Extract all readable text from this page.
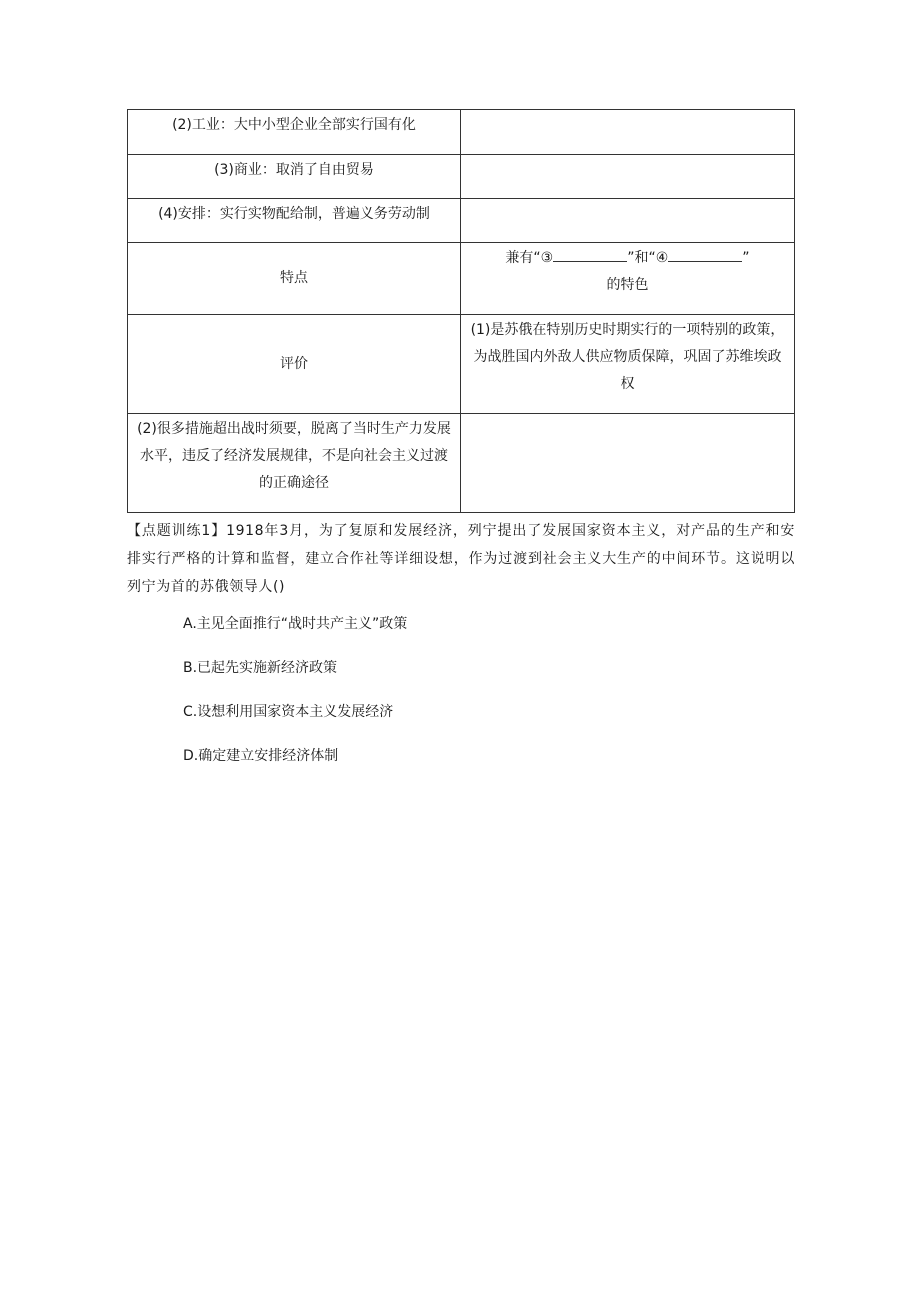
(2)工业：大中小型企业全部实行国有化	
(3)商业：取消了自由贸易	
(4)安排：实行实物配给制，普遍义务劳动制	
特点	兼有“③ ”和“④ ”
的特色

评价	(1)是苏俄在特别历史时期实行的一项特别的政策，为战胜国内外敌人供应物质保障，巩固了苏维埃政权
(2)很多措施超出战时须要，脱离了当时生产力发展水平，违反了经济发展规律，不是向社会主义过渡的正确途径	
【点题训练1】1918年3月，为了复原和发展经济，列宁提出了发展国家资本主义，对产品的生产和安排实行严格的计算和监督，建立合作社等详细设想，作为过渡到社会主义大生产的中间环节。这说明以列宁为首的苏俄领导人()
A.主见全面推行“战时共产主义”政策
B.已起先实施新经济政策
C.设想利用国家资本主义发展经济
D.确定建立安排经济体制
